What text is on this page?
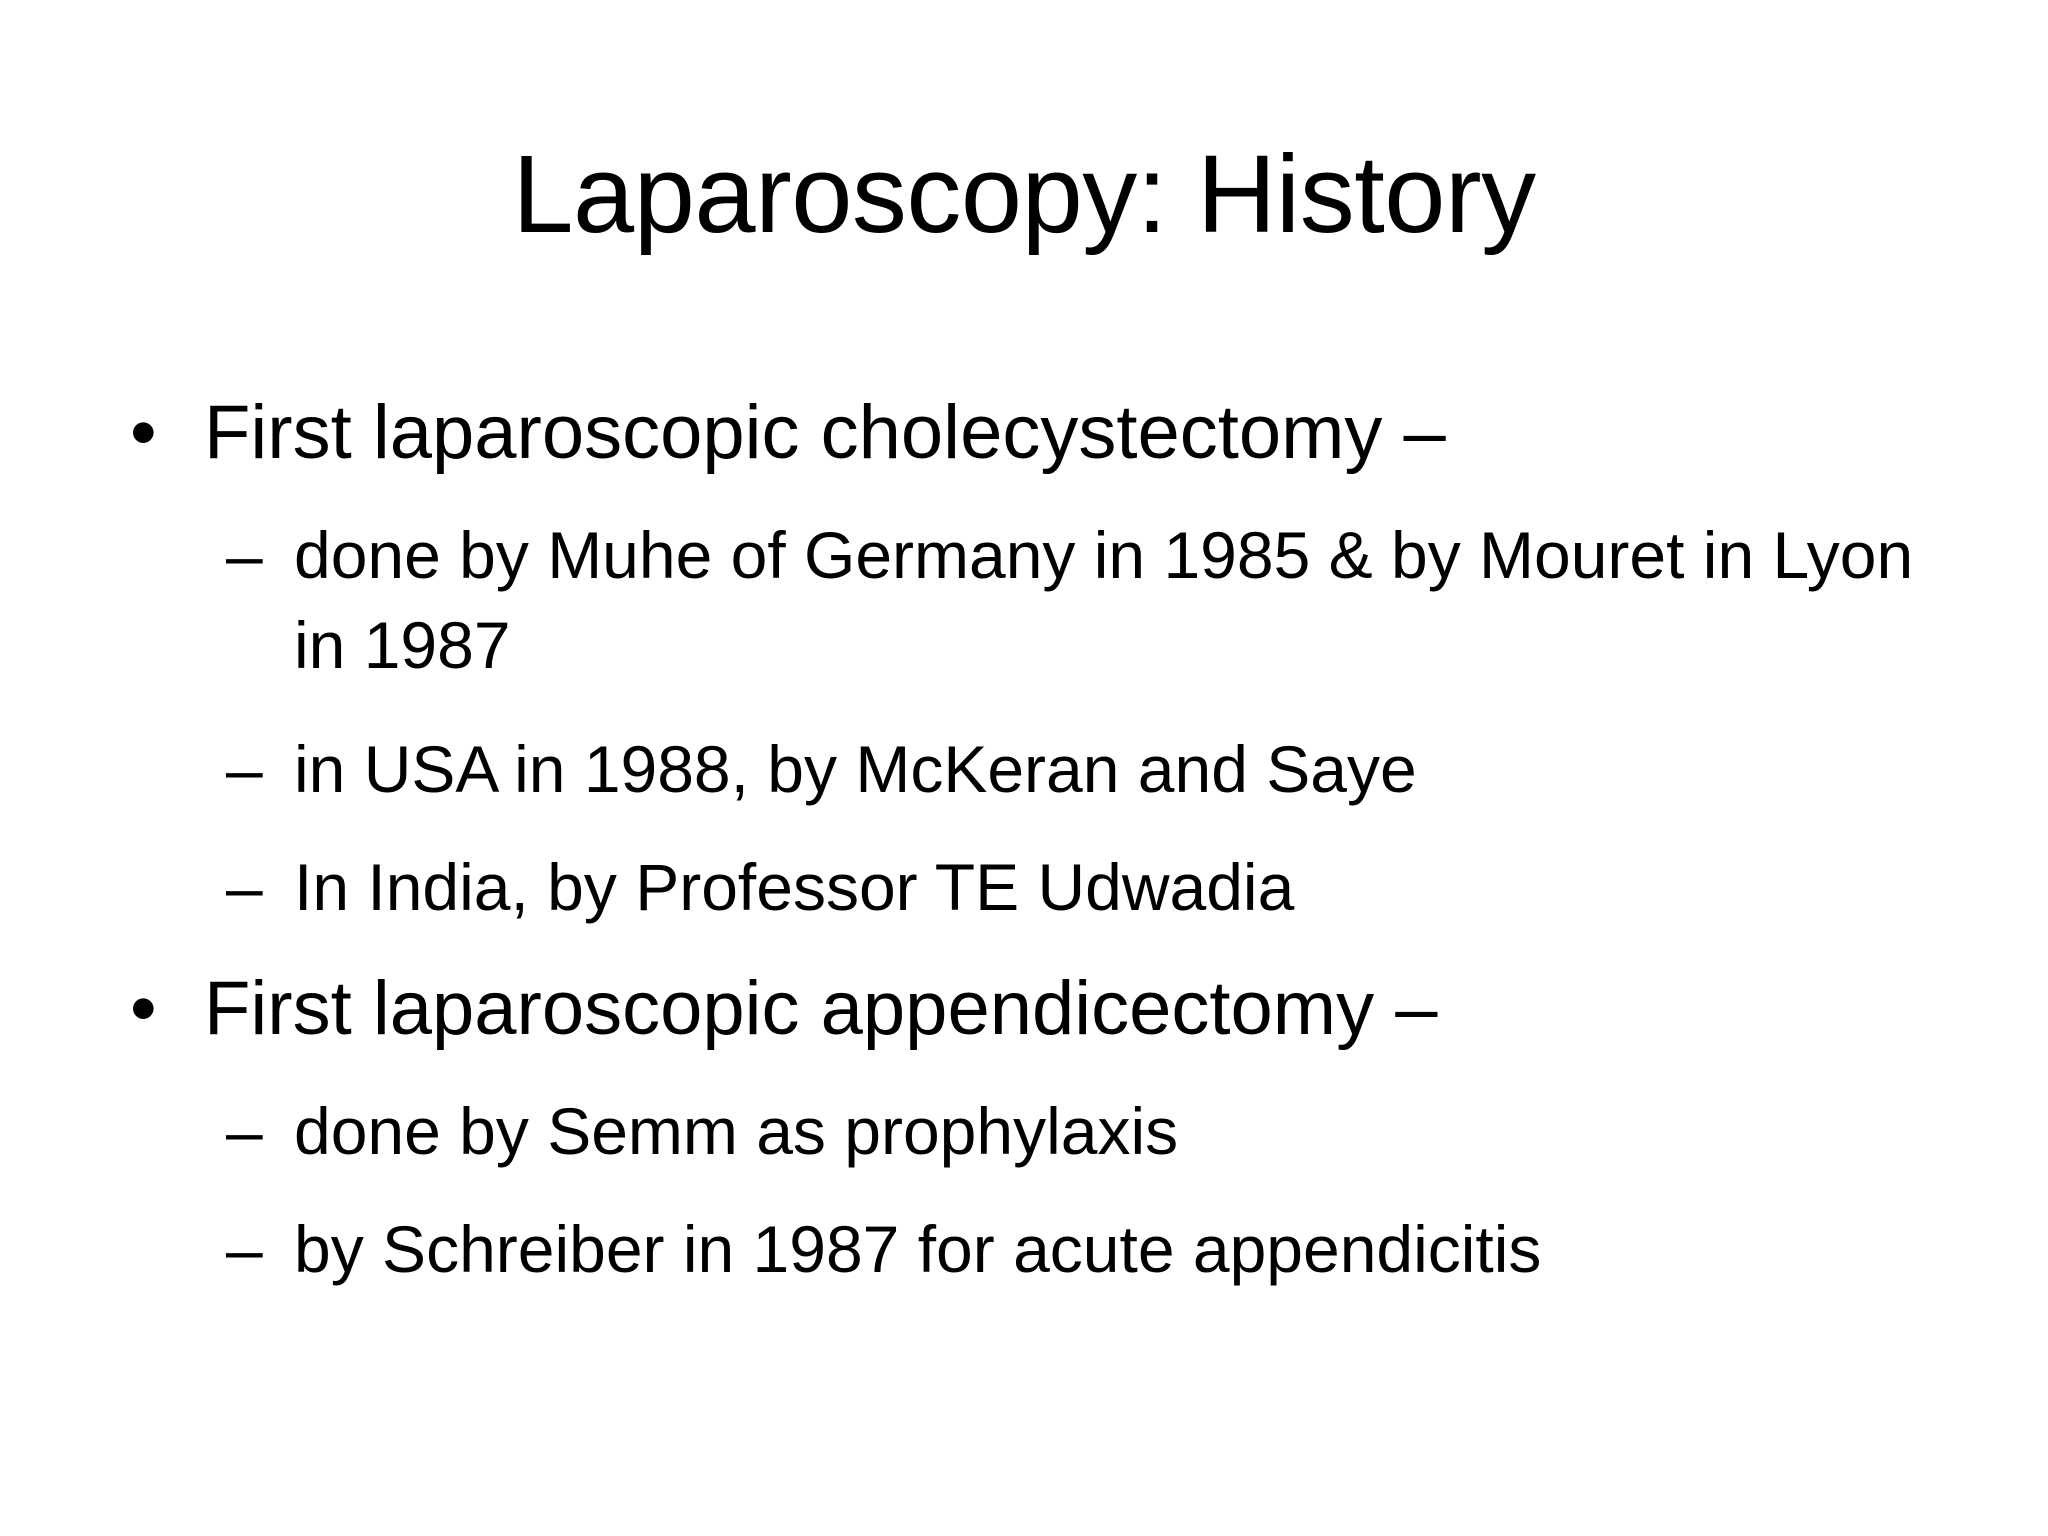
Laparoscopy: History
• First laparoscopic cholecystectomy –
– done by Muhe of Germany in 1985 & by Mouret in Lyon in 1987
– in USA in 1988, by McKeran and Saye
– In India, by Professor TE Udwadia
• First laparoscopic appendicectomy –
– done by Semm as prophylaxis
– by Schreiber in 1987 for acute appendicitis
